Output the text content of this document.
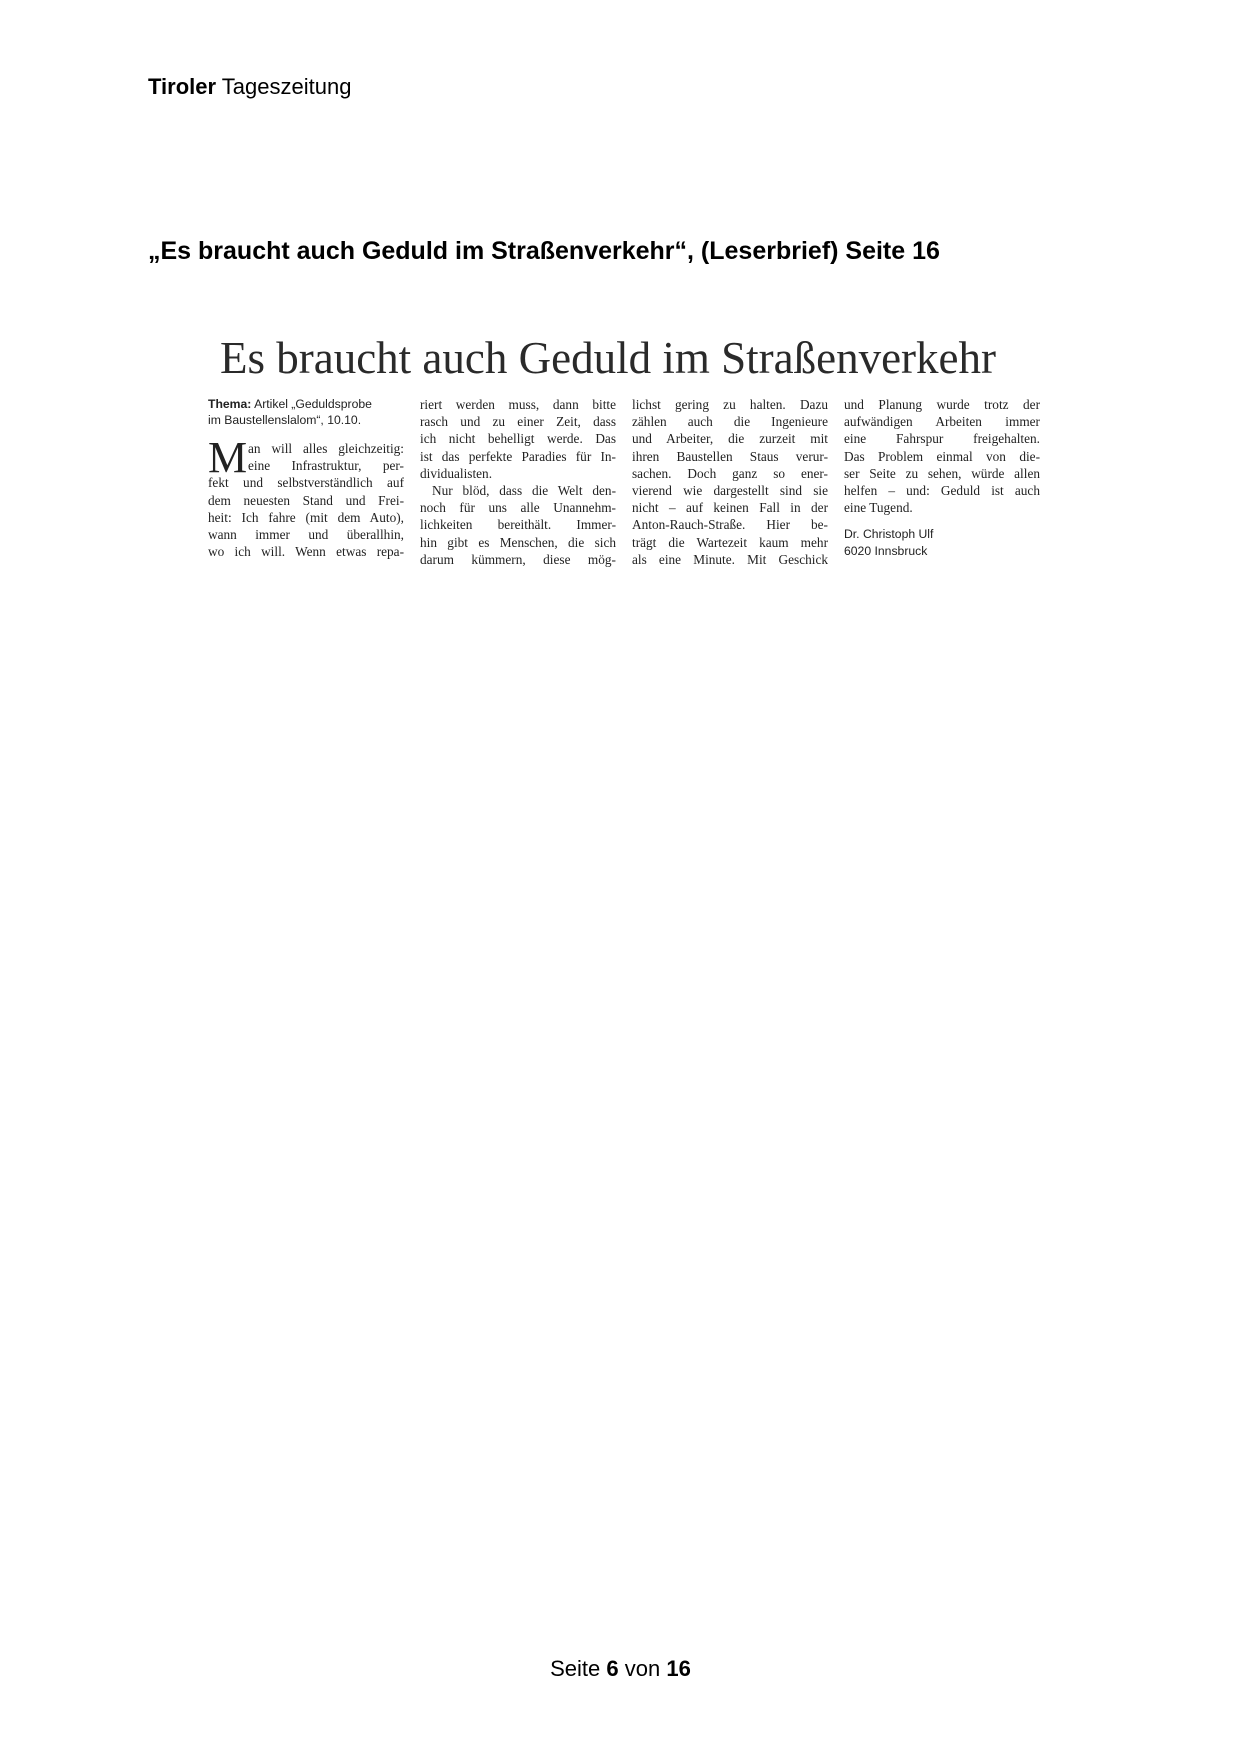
Tiroler Tageszeitung
„Es braucht auch Geduld im Straßenverkehr“, (Leserbrief) Seite 16
Es braucht auch Geduld im Straßenverkehr
Thema: Artikel „Geduldsprobe
im Baustellenslalom“, 10.10.
M an will alles gleichzeitig:
eine Infrastruktur, per-
fekt und selbstverständlich auf
dem neuesten Stand und Frei-
heit: Ich fahre (mit dem Auto),
wann immer und überallhin,
wo ich will. Wenn etwas repa-
riert werden muss, dann bitte
rasch und zu einer Zeit, dass
ich nicht behelligt werde. Das
ist das perfekte Paradies für In-
dividualisten.
Nur blöd, dass die Welt den-
noch für uns alle Unannehm-
lichkeiten bereithält. Immer-
hin gibt es Menschen, die sich
darum kümmern, diese mög-
lichst gering zu halten. Dazu
zählen auch die Ingenieure
und Arbeiter, die zurzeit mit
ihren Baustellen Staus verur-
sachen. Doch ganz so ener-
vierend wie dargestellt sind sie
nicht – auf keinen Fall in der
Anton-Rauch-Straße. Hier be-
trägt die Wartezeit kaum mehr
als eine Minute. Mit Geschick
und Planung wurde trotz der
aufwändigen Arbeiten immer
eine Fahrspur freigehalten.
Das Problem einmal von die-
ser Seite zu sehen, würde allen
helfen – und: Geduld ist auch
eine Tugend.
Dr. Christoph Ulf
6020 Innsbruck
Seite 6 von 16
